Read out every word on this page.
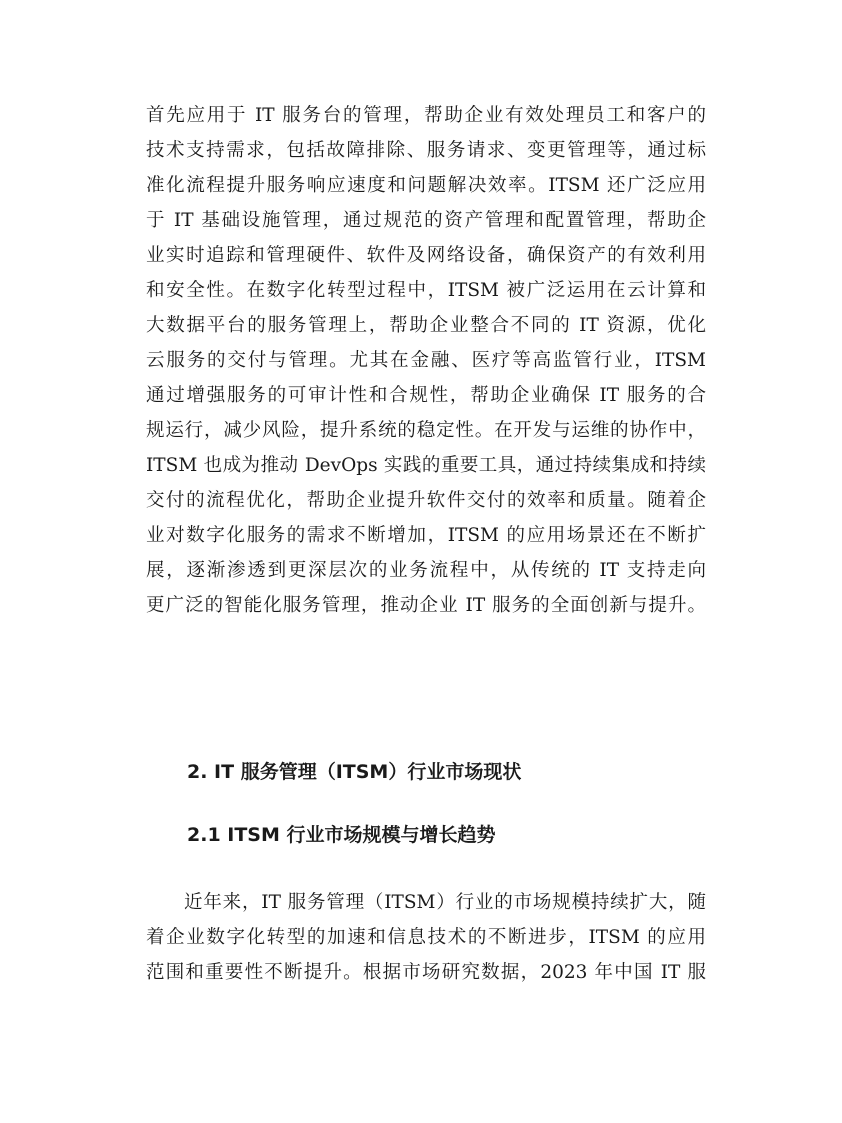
首先应用于 IT 服务台的管理，帮助企业有效处理员工和客户的
技术支持需求，包括故障排除、服务请求、变更管理等，通过标
准化流程提升服务响应速度和问题解决效率。ITSM 还广泛应用
于 IT 基础设施管理，通过规范的资产管理和配置管理，帮助企
业实时追踪和管理硬件、软件及网络设备，确保资产的有效利用
和安全性。在数字化转型过程中，ITSM 被广泛运用在云计算和
大数据平台的服务管理上，帮助企业整合不同的 IT 资源，优化
云服务的交付与管理。尤其在金融、医疗等高监管行业，ITSM
通过增强服务的可审计性和合规性，帮助企业确保 IT 服务的合
规运行，减少风险，提升系统的稳定性。在开发与运维的协作中，
ITSM 也成为推动 DevOps 实践的重要工具，通过持续集成和持续
交付的流程优化，帮助企业提升软件交付的效率和质量。随着企
业对数字化服务的需求不断增加，ITSM 的应用场景还在不断扩
展，逐渐渗透到更深层次的业务流程中，从传统的 IT 支持走向
更广泛的智能化服务管理，推动企业 IT 服务的全面创新与提升。
2. IT 服务管理（ITSM）行业市场现状
2.1 ITSM 行业市场规模与增长趋势
近年来，IT 服务管理（ITSM）行业的市场规模持续扩大，随
着企业数字化转型的加速和信息技术的不断进步，ITSM 的应用
范围和重要性不断提升。根据市场研究数据，2023 年中国 IT 服
